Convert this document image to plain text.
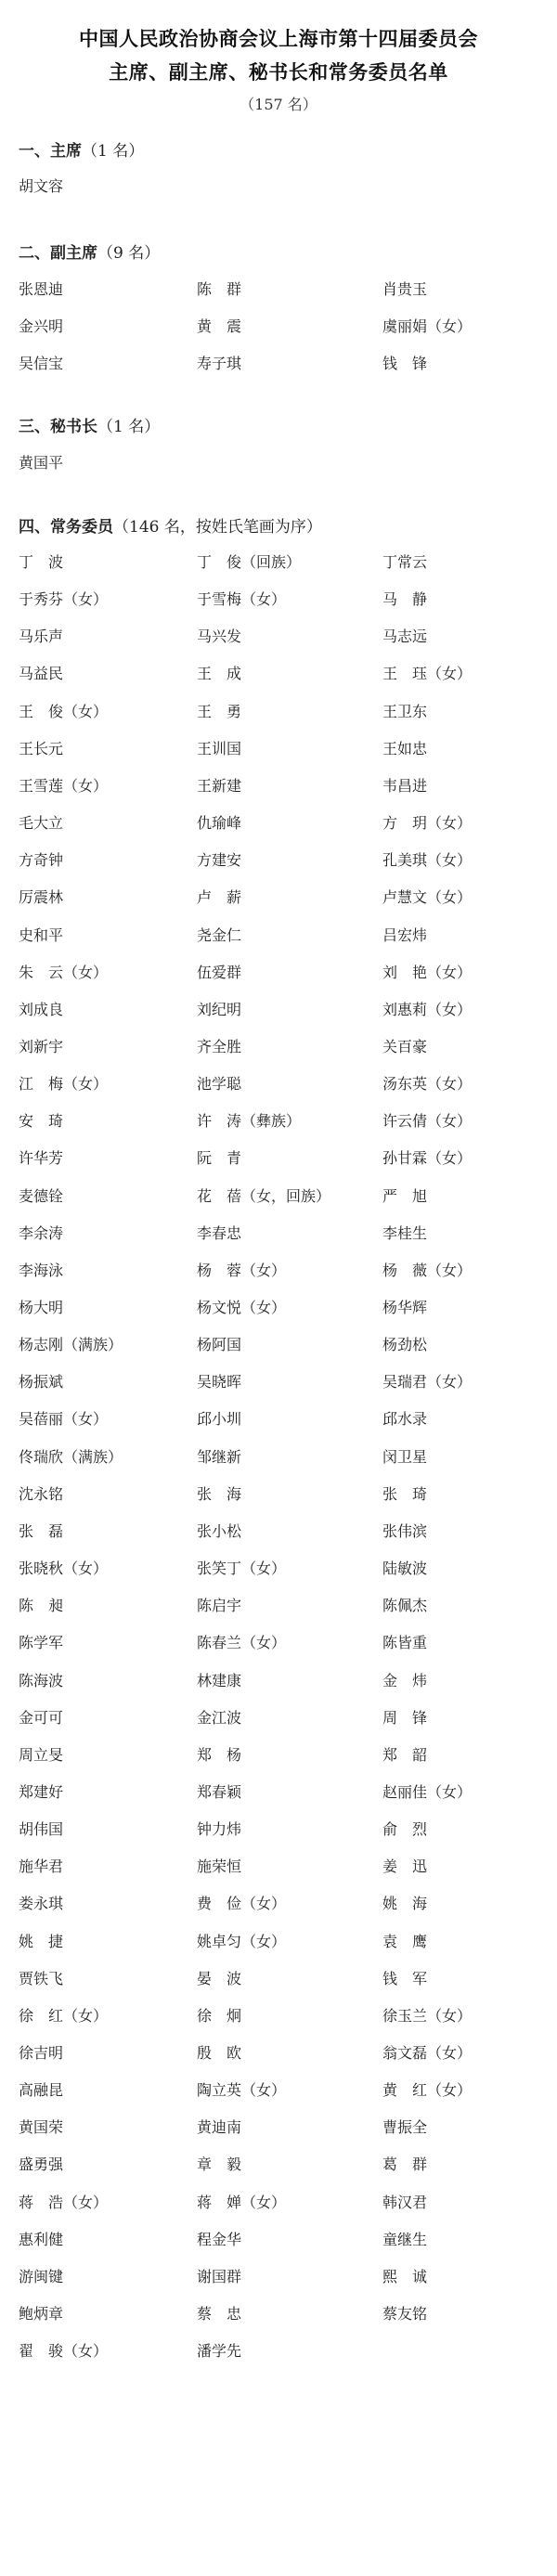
中国人民政治协商会议上海市第十四届委员会
主席、副主席、秘书长和常务委员名单
（157 名）
一、主席（1 名）
胡文容
二、副主席（9 名）
张恩迪	陈　群	肖贵玉
金兴明	黄　震	虞丽娟（女）
吴信宝	寿子琪	钱　锋
三、秘书长（1 名）
黄国平
四、常务委员（146 名，按姓氏笔画为序）
丁　波	丁　俊（回族）	丁常云
于秀芬（女）	于雪梅（女）	马　静
马乐声	马兴发	马志远
马益民	王　成	王　珏（女）
王　俊（女）	王　勇	王卫东
王长元	王训国	王如忠
王雪莲（女）	王新建	韦昌进
毛大立	仇瑜峰	方　玥（女）
方奇钟	方建安	孔美琪（女）
厉震林	卢　薪	卢慧文（女）
史和平	尧金仁	吕宏炜
朱　云（女）	伍爱群	刘　艳（女）
刘成良	刘纪明	刘惠莉（女）
刘新宇	齐全胜	关百豪
江　梅（女）	池学聪	汤东英（女）
安　琦	许　涛（彝族）	许云倩（女）
许华芳	阮　青	孙甘霖（女）
麦德铨	花　蓓（女，回族）	严　旭
李余涛	李春忠	李桂生
李海泳	杨　蓉（女）	杨　薇（女）
杨大明	杨文悦（女）	杨华辉
杨志刚（满族）	杨阿国	杨劲松
杨振斌	吴晓晖	吴瑞君（女）
吴蓓丽（女）	邱小圳	邱水录
佟瑞欣（满族）	邹继新	闵卫星
沈永铭	张　海	张　琦
张　磊	张小松	张伟滨
张晓秋（女）	张笑丁（女）	陆敏波
陈　昶	陈启宇	陈佩杰
陈学军	陈春兰（女）	陈皆重
陈海波	林建康	金　炜
金可可	金江波	周　锋
周立旻	郑　杨	郑　韶
郑建好	郑春颖	赵丽佳（女）
胡伟国	钟力炜	俞　烈
施华君	施荣恒	姜　迅
娄永琪	费　俭（女）	姚　海
姚　捷	姚卓匀（女）	袁　鹰
贾铁飞	晏　波	钱　军
徐　红（女）	徐　炯	徐玉兰（女）
徐吉明	殷　欧	翁文磊（女）
高融昆	陶立英（女）	黄　红（女）
黄国荣	黄迪南	曹振全
盛勇强	章　毅	葛　群
蒋　浩（女）	蒋　婵（女）	韩汉君
惠利健	程金华	童继生
游闽键	谢国群	熙　诚
鲍炳章	蔡　忠	蔡友铭
翟　骏（女）	潘学先
